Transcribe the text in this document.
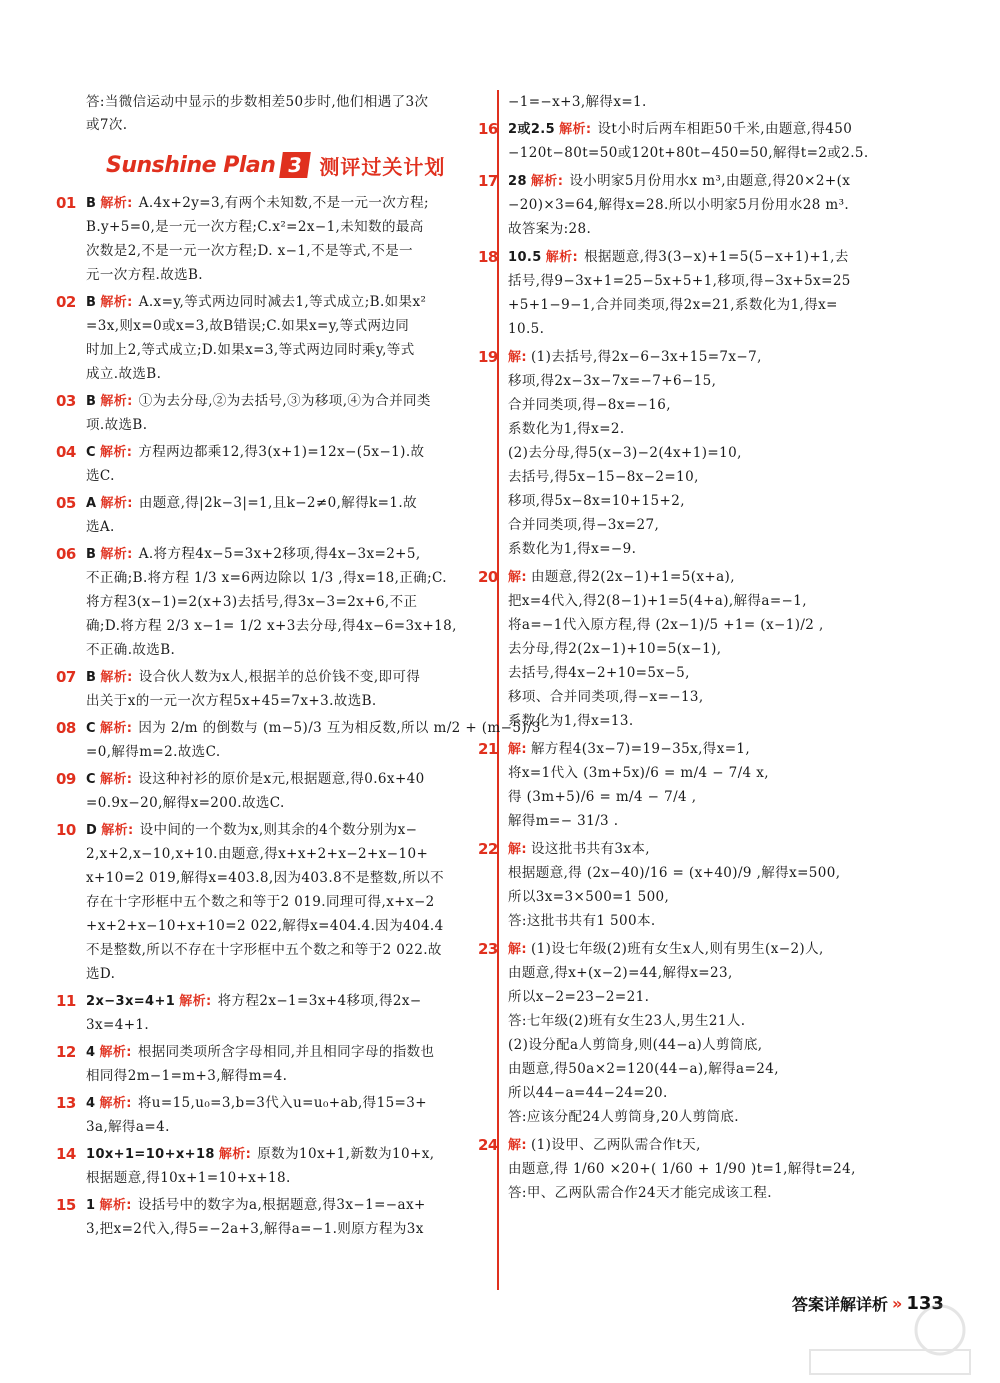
Sunshine Plan 3 测评过关计划
答:当微信运动中显示的步数相差50步时,他们相遇了3次
或7次.
01 B 解析: A.4x+2y=3,有两个未知数,不是一元一次方程;
B.y+5=0,是一元一次方程;C.x²=2x−1,未知数的最高
次数是2,不是一元一次方程;D. x−1,不是等式,不是一
元一次方程.故选B.
02 B 解析: A.x=y,等式两边同时减去1,等式成立;B.如果x²
=3x,则x=0或x=3,故B错误;C.如果x=y,等式两边同
时加上2,等式成立;D.如果x=3,等式两边同时乘y,等式
成立.故选B.
03 B 解析: ①为去分母,②为去括号,③为移项,④为合并同类
项.故选B.
04 C 解析: 方程两边都乘12,得3(x+1)=12x−(5x−1).故
选C.
05 A 解析: 由题意,得|2k−3|=1,且k−2≠0,解得k=1.故
选A.
06 B 解析: A.将方程4x−5=3x+2移项,得4x−3x=2+5,
不正确;B.将方程 1/3 x=6两边除以 1/3 ,得x=18,正确;C.
将方程3(x−1)=2(x+3)去括号,得3x−3=2x+6,不正
确;D.将方程 2/3 x−1= 1/2 x+3去分母,得4x−6=3x+18,
不正确.故选B.
07 B 解析: 设合伙人数为x人,根据羊的总价钱不变,即可得
出关于x的一元一次方程5x+45=7x+3.故选B.
08 C 解析: 因为 2/m 的倒数与 (m−5)/3 互为相反数,所以 m/2 + (m−5)/3
=0,解得m=2.故选C.
09 C 解析: 设这种衬衫的原价是x元,根据题意,得0.6x+40
=0.9x−20,解得x=200.故选C.
10 D 解析: 设中间的一个数为x,则其余的4个数分别为x−
2,x+2,x−10,x+10.由题意,得x+x+2+x−2+x−10+
x+10=2 019,解得x=403.8,因为403.8不是整数,所以不
存在十字形框中五个数之和等于2 019.同理可得,x+x−2
+x+2+x−10+x+10=2 022,解得x=404.4.因为404.4
不是整数,所以不存在十字形框中五个数之和等于2 022.故
选D.
11 2x−3x=4+1 解析: 将方程2x−1=3x+4移项,得2x−
3x=4+1.
12 4 解析: 根据同类项所含字母相同,并且相同字母的指数也
相同得2m−1=m+3,解得m=4.
13 4 解析: 将u=15,u₀=3,b=3代入u=u₀+ab,得15=3+
3a,解得a=4.
14 10x+1=10+x+18 解析: 原数为10x+1,新数为10+x,
根据题意,得10x+1=10+x+18.
15 1 解析: 设括号中的数字为a,根据题意,得3x−1=−ax+
3,把x=2代入,得5=−2a+3,解得a=−1.则原方程为3x
−1=−x+3,解得x=1.
16 2或2.5 解析: 设t小时后两车相距50千米,由题意,得450
−120t−80t=50或120t+80t−450=50,解得t=2或2.5.
17 28 解析: 设小明家5月份用水x m³,由题意,得20×2+(x
−20)×3=64,解得x=28.所以小明家5月份用水28 m³.
故答案为:28.
18 10.5 解析: 根据题意,得3(3−x)+1=5(5−x+1)+1,去
括号,得9−3x+1=25−5x+5+1,移项,得−3x+5x=25
+5+1−9−1,合并同类项,得2x=21,系数化为1,得x=
10.5.
19 解: (1)去括号,得2x−6−3x+15=7x−7,
移项,得2x−3x−7x=−7+6−15,
合并同类项,得−8x=−16,
系数化为1,得x=2.
(2)去分母,得5(x−3)−2(4x+1)=10,
去括号,得5x−15−8x−2=10,
移项,得5x−8x=10+15+2,
合并同类项,得−3x=27,
系数化为1,得x=−9.
20 解: 由题意,得2(2x−1)+1=5(x+a),
把x=4代入,得2(8−1)+1=5(4+a),解得a=−1,
将a=−1代入原方程,得 (2x−1)/5 +1= (x−1)/2 ,
去分母,得2(2x−1)+10=5(x−1),
去括号,得4x−2+10=5x−5,
移项、合并同类项,得−x=−13,
系数化为1,得x=13.
21 解: 解方程4(3x−7)=19−35x,得x=1,
将x=1代入 (3m+5x)/6 = m/4 − 7/4 x,
得 (3m+5)/6 = m/4 − 7/4 ,
解得m=− 31/3 .
22 解: 设这批书共有3x本,
根据题意,得 (2x−40)/16 = (x+40)/9 ,解得x=500,
所以3x=3×500=1 500,
答:这批书共有1 500本.
23 解: (1)设七年级(2)班有女生x人,则有男生(x−2)人,
由题意,得x+(x−2)=44,解得x=23,
所以x−2=23−2=21.
答:七年级(2)班有女生23人,男生21人.
(2)设分配a人剪筒身,则(44−a)人剪筒底,
由题意,得50a×2=120(44−a),解得a=24,
所以44−a=44−24=20.
答:应该分配24人剪筒身,20人剪筒底.
24 解: (1)设甲、乙两队需合作t天,
由题意,得 1/60 ×20+( 1/60 + 1/90 )t=1,解得t=24,
答:甲、乙两队需合作24天才能完成该工程.
答案详解详析 » 133
